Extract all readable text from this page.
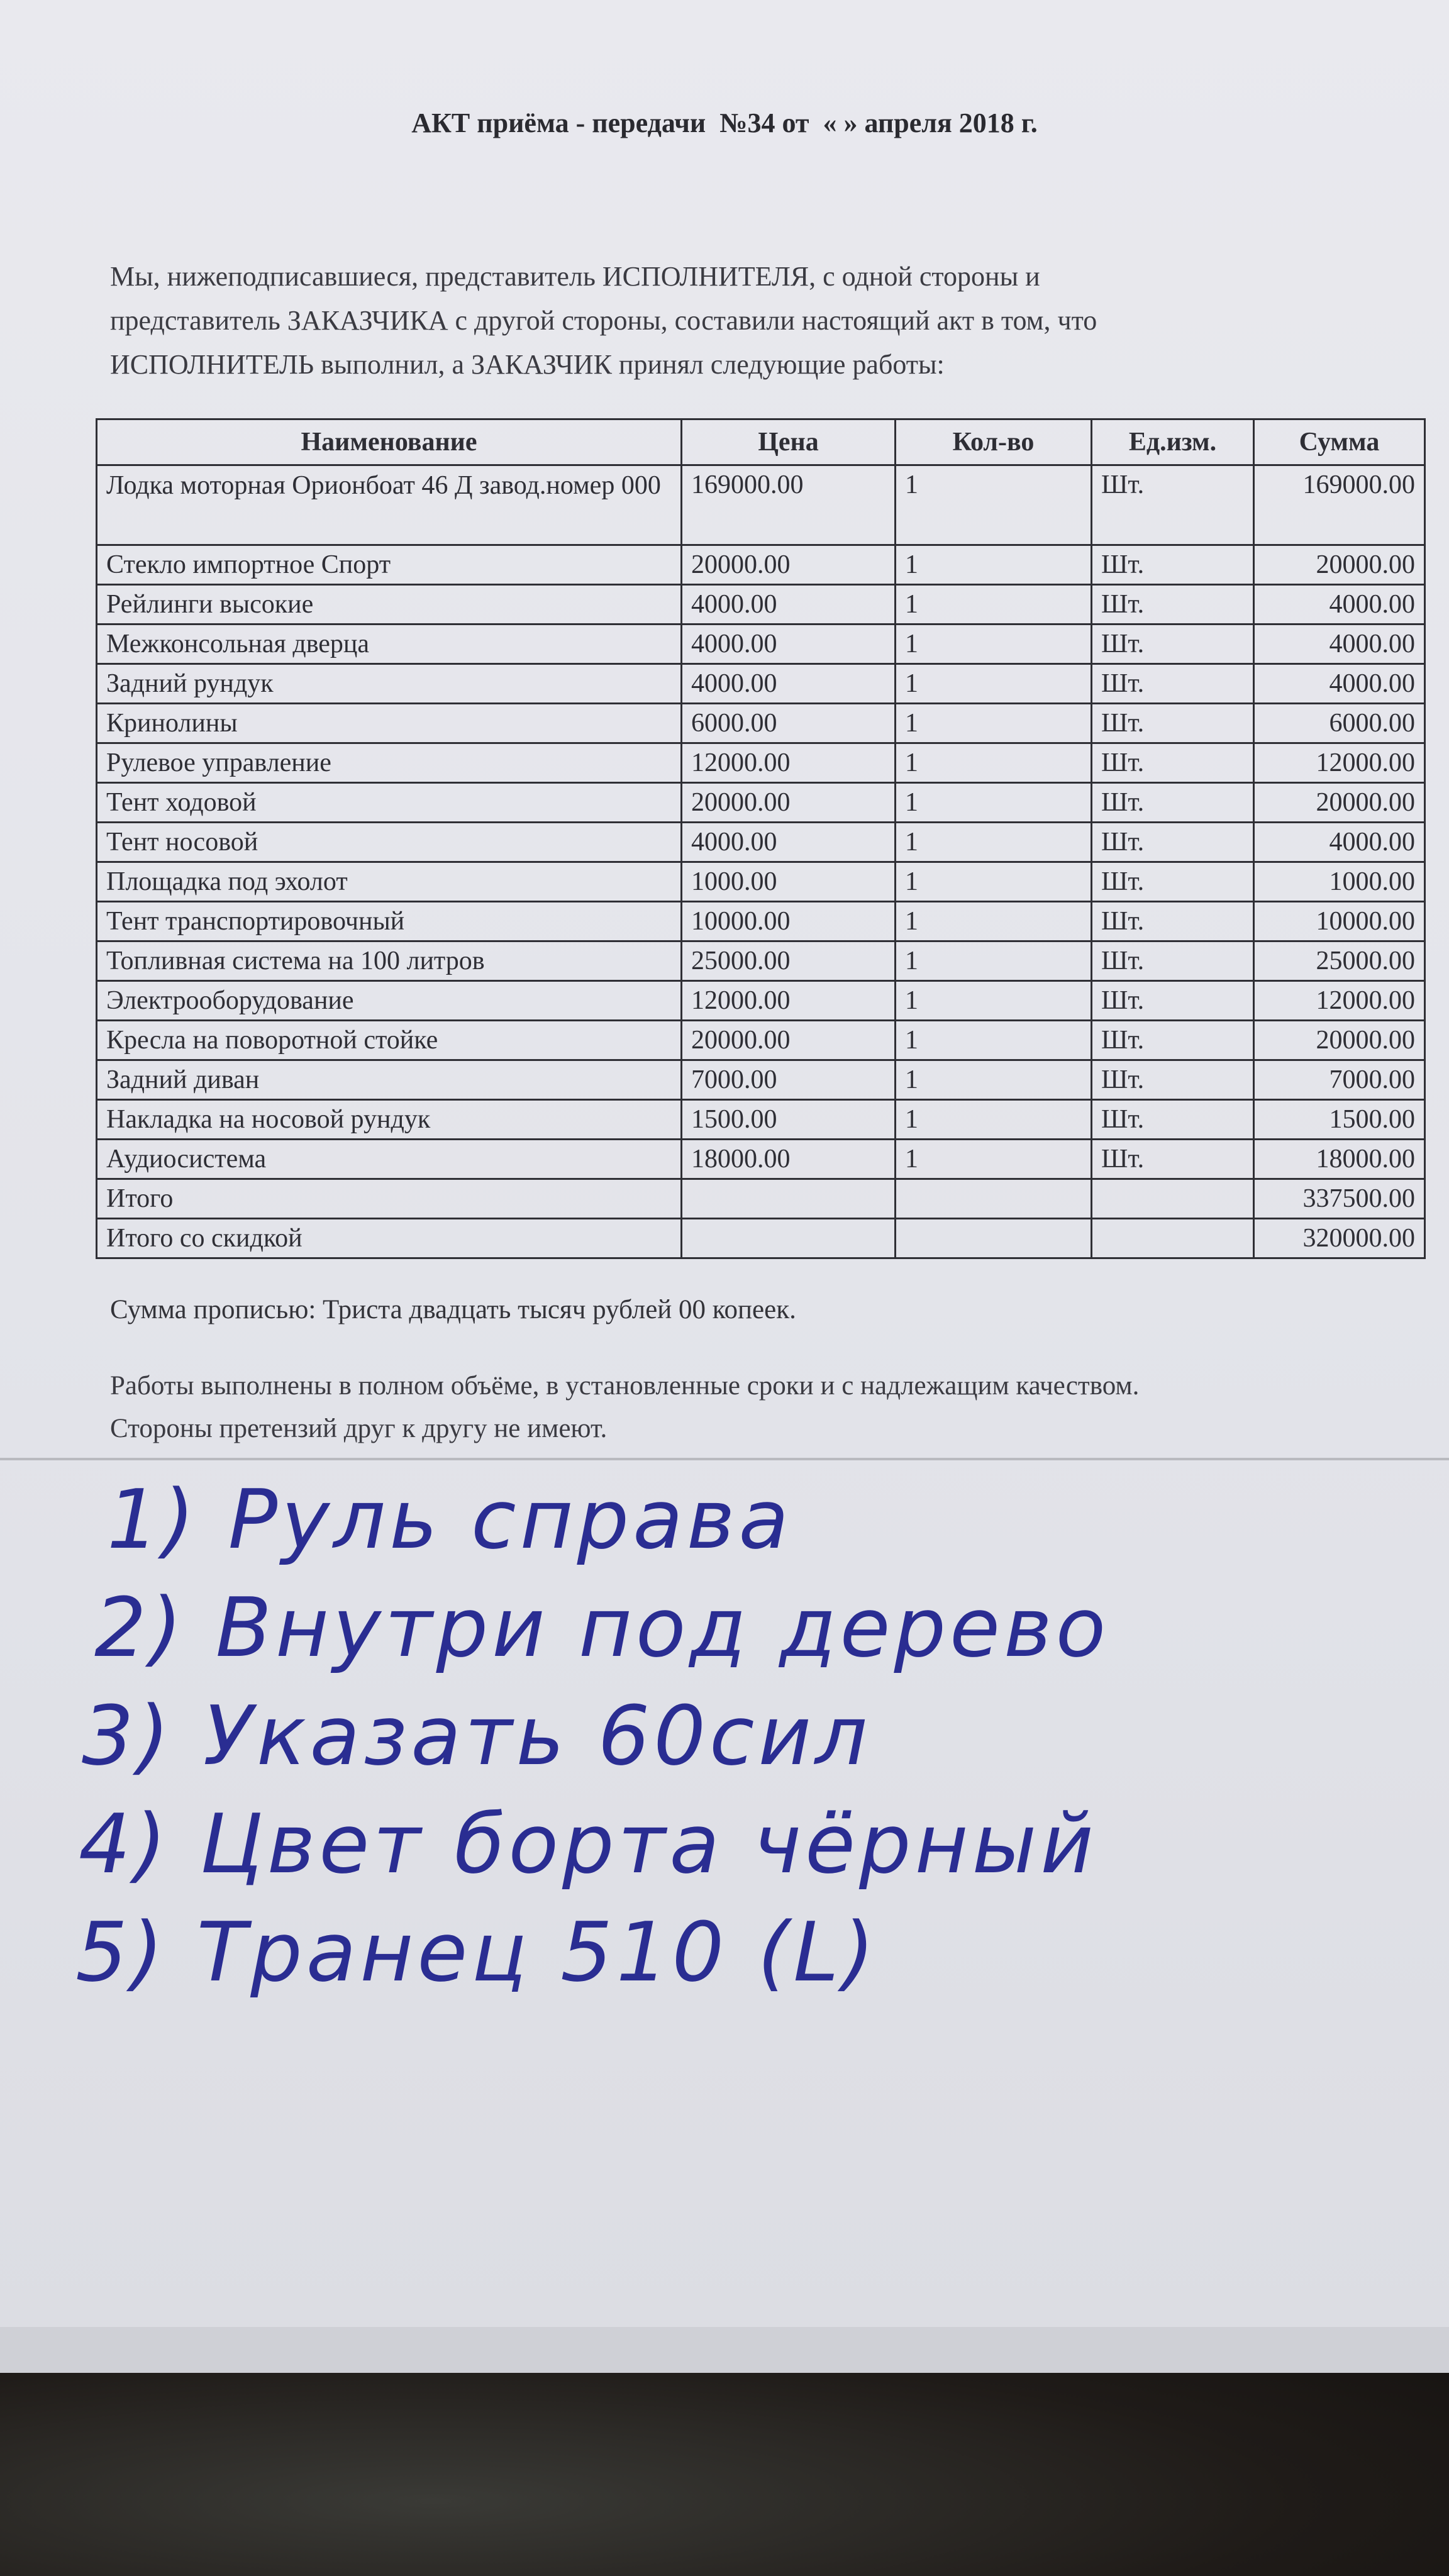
АКТ приёма - передачи  №34 от  « » апреля 2018 г.
Мы, нижеподписавшиеся, представитель ИСПОЛНИТЕЛЯ, с одной стороны и
представитель ЗАКАЗЧИКА с другой стороны, составили настоящий акт в том, что
ИСПОЛНИТЕЛЬ выполнил, а ЗАКАЗЧИК принял следующие работы:
Наименование	Цена	Кол-во	Ед.изм.	Сумма
Лодка моторная Орионбоат 46 Д завод.номер 000	169000.00	1	Шт.	169000.00
Стекло импортное Спорт	20000.00	1	Шт.	20000.00
Рейлинги высокие	4000.00	1	Шт.	4000.00
Межконсольная дверца	4000.00	1	Шт.	4000.00
Задний рундук	4000.00	1	Шт.	4000.00
Кринолины	6000.00	1	Шт.	6000.00
Рулевое управление	12000.00	1	Шт.	12000.00
Тент ходовой	20000.00	1	Шт.	20000.00
Тент носовой	4000.00	1	Шт.	4000.00
Площадка под эхолот	1000.00	1	Шт.	1000.00
Тент транспортировочный	10000.00	1	Шт.	10000.00
Топливная система на 100 литров	25000.00	1	Шт.	25000.00
Электрооборудование	12000.00	1	Шт.	12000.00
Кресла на поворотной стойке	20000.00	1	Шт.	20000.00
Задний диван	7000.00	1	Шт.	7000.00
Накладка на носовой рундук	1500.00	1	Шт.	1500.00
Аудиосистема	18000.00	1	Шт.	18000.00
Итого				337500.00
Итого со скидкой				320000.00
Сумма прописью: Триста двадцать тысяч рублей 00 копеек.
Работы выполнены в полном объёме, в установленные сроки и с надлежащим качеством.
Стороны претензий друг к другу не имеют.
1) Руль справа
2) Внутри под дерево
3) Указать 60сил
4) Цвет борта чёрный
5) Транец 510 (L)
